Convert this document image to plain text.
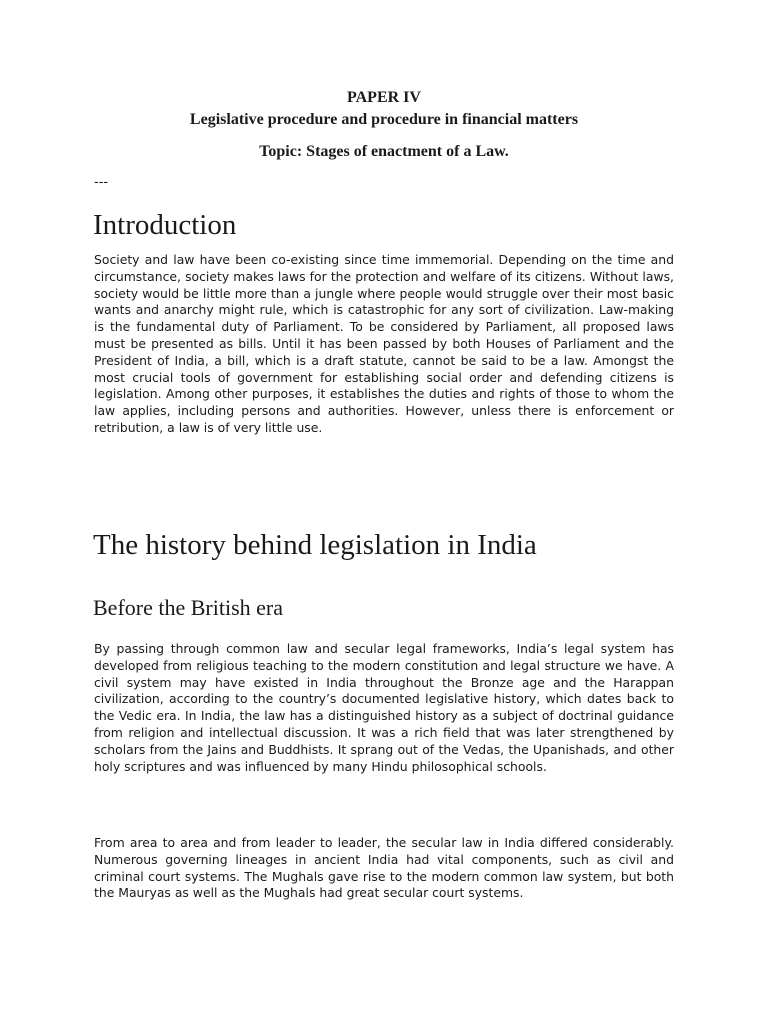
PAPER IV
Legislative procedure and procedure in financial matters
Topic: Stages of enactment of a Law.
---
Introduction

Society and law have been co-existing since time immemorial. Depending on the time and circumstance, society makes laws for the protection and welfare of its citizens. Without laws, society would be little more than a jungle where people would struggle over their most basic wants and anarchy might rule, which is catastrophic for any sort of civilization. Law-making is the fundamental duty of Parliament. To be considered by Parliament, all proposed laws must be presented as bills. Until it has been passed by both Houses of Parliament and the President of India, a bill, which is a draft statute, cannot be said to be a law. Amongst the most crucial tools of government for establishing social order and defending citizens is legislation. Among other purposes, it establishes the duties and rights of those to whom the law applies, including persons and authorities. However, unless there is enforcement or retribution, a law is of very little use.

The history behind legislation in India
Before the British era

By passing through common law and secular legal frameworks, India’s legal system has developed from religious teaching to the modern constitution and legal structure we have. A civil system may have existed in India throughout the Bronze age and the Harappan civilization, according to the country’s documented legislative history, which dates back to the Vedic era. In India, the law has a distinguished history as a subject of doctrinal guidance from religion and intellectual discussion. It was a rich field that was later strengthened by scholars from the Jains and Buddhists. It sprang out of the Vedas, the Upanishads, and other holy scriptures and was influenced by many Hindu philosophical schools.

From area to area and from leader to leader, the secular law in India differed considerably. Numerous governing lineages in ancient India had vital components, such as civil and criminal court systems. The Mughals gave rise to the modern common law system, but both the Mauryas as well as the Mughals had great secular court systems.
